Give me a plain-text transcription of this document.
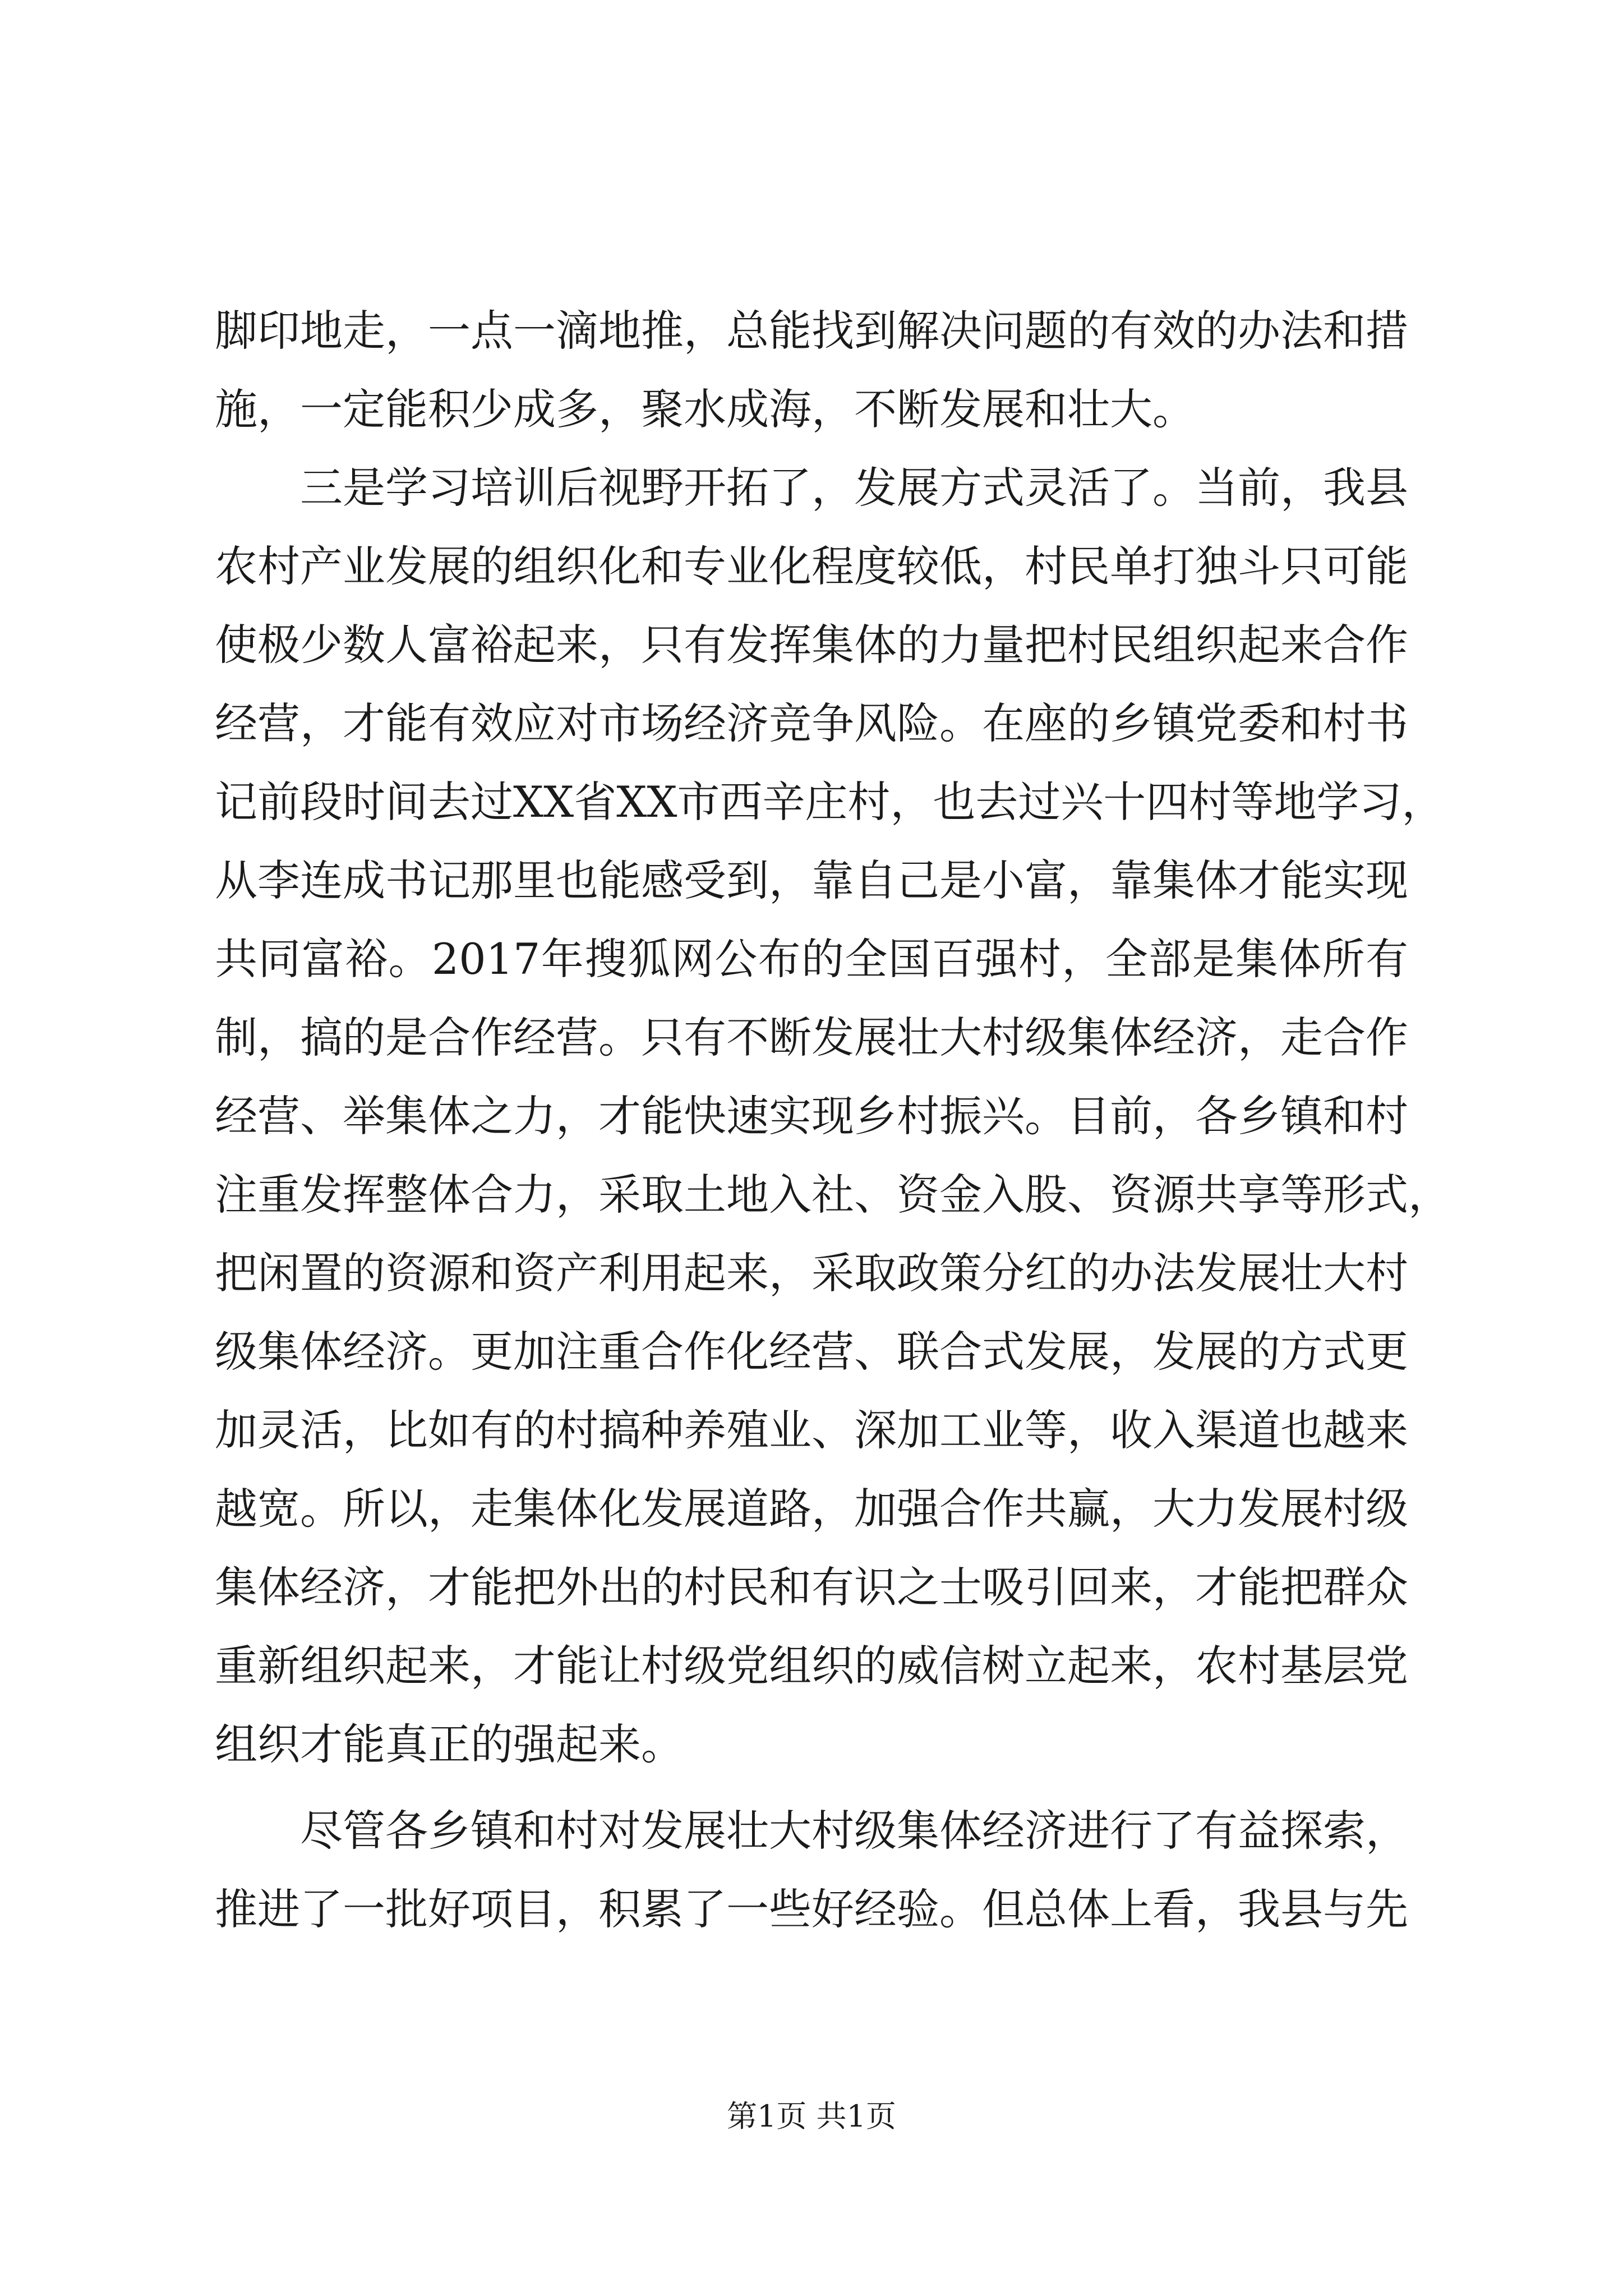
脚印地走，一点一滴地推，总能找到解决问题的有效的办法和措
施，一定能积少成多，聚水成海，不断发展和壮大。
三是学习培训后视野开拓了，发展方式灵活了。当前，我县
农村产业发展的组织化和专业化程度较低，村民单打独斗只可能
使极少数人富裕起来，只有发挥集体的力量把村民组织起来合作
经营，才能有效应对市场经济竞争风险。在座的乡镇党委和村书
记前段时间去过XX省XX市西辛庄村，也去过兴十四村等地学习，
从李连成书记那里也能感受到，靠自己是小富，靠集体才能实现
共同富裕。2017年搜狐网公布的全国百强村，全部是集体所有
制，搞的是合作经营。只有不断发展壮大村级集体经济，走合作
经营、举集体之力，才能快速实现乡村振兴。目前，各乡镇和村
注重发挥整体合力，采取土地入社、资金入股、资源共享等形式，
把闲置的资源和资产利用起来，采取政策分红的办法发展壮大村
级集体经济。更加注重合作化经营、联合式发展，发展的方式更
加灵活，比如有的村搞种养殖业、深加工业等，收入渠道也越来
越宽。所以，走集体化发展道路，加强合作共赢，大力发展村级
集体经济，才能把外出的村民和有识之士吸引回来，才能把群众
重新组织起来，才能让村级党组织的威信树立起来，农村基层党
组织才能真正的强起来。
尽管各乡镇和村对发展壮大村级集体经济进行了有益探索，
推进了一批好项目，积累了一些好经验。但总体上看，我县与先
第1页 共1页
